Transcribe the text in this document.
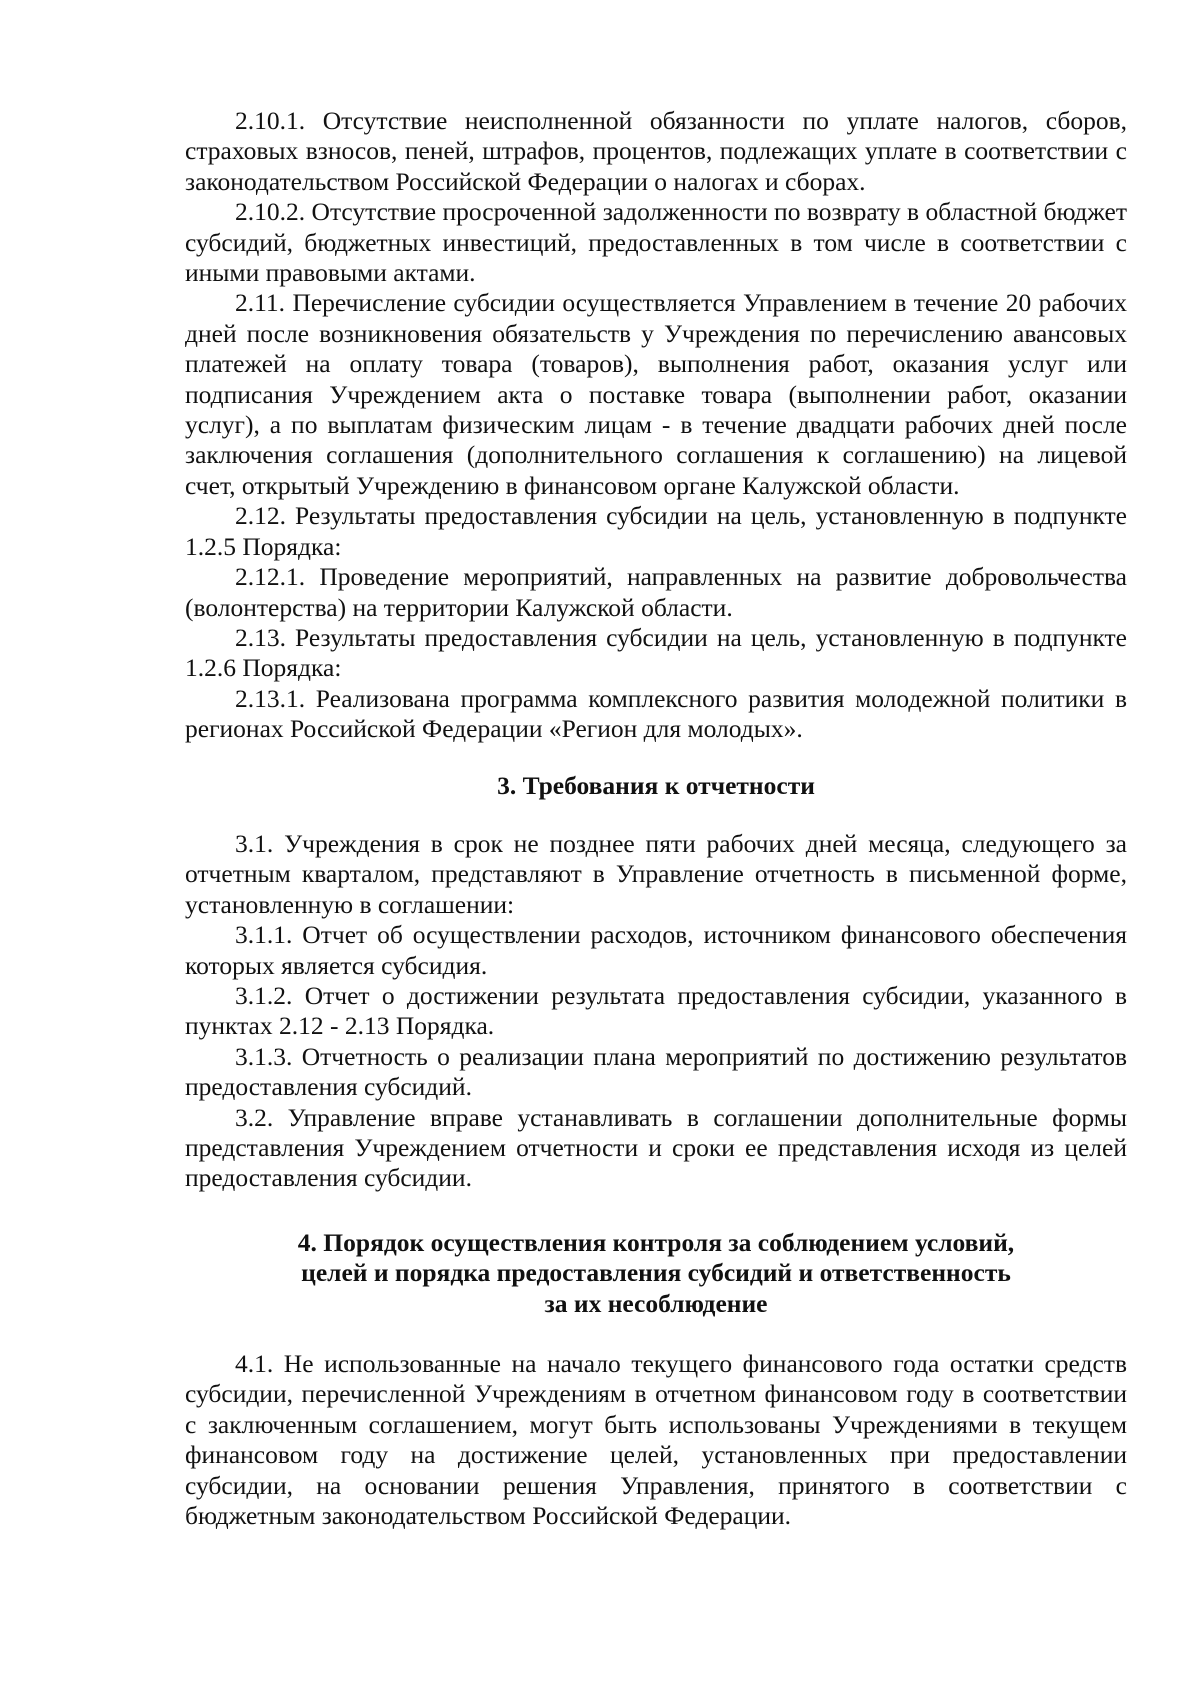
2.10.1. Отсутствие неисполненной обязанности по уплате налогов, сборов, страховых взносов, пеней, штрафов, процентов, подлежащих уплате в соответствии с законодательством Российской Федерации о налогах и сборах.

2.10.2. Отсутствие просроченной задолженности по возврату в областной бюджет субсидий, бюджетных инвестиций, предоставленных в том числе в соответствии с иными правовыми актами.

2.11. Перечисление субсидии осуществляется Управлением в течение 20 рабочих дней после возникновения обязательств у Учреждения по перечислению авансовых платежей на оплату товара (товаров), выполнения работ, оказания услуг или подписания Учреждением акта о поставке товара (выполнении работ, оказании услуг), а по выплатам физическим лицам - в течение двадцати рабочих дней после заключения соглашения (дополнительного соглашения к соглашению) на лицевой счет, открытый Учреждению в финансовом органе Калужской области.

2.12. Результаты предоставления субсидии на цель, установленную в подпункте 1.2.5 Порядка:

2.12.1. Проведение мероприятий, направленных на развитие добровольчества (волонтерства) на территории Калужской области.

2.13. Результаты предоставления субсидии на цель, установленную в подпункте 1.2.6 Порядка:

2.13.1. Реализована программа комплексного развития молодежной политики в регионах Российской Федерации «Регион для молодых».

3. Требования к отчетности

3.1. Учреждения в срок не позднее пяти рабочих дней месяца, следующего за отчетным кварталом, представляют в Управление отчетность в письменной форме, установленную в соглашении:

3.1.1. Отчет об осуществлении расходов, источником финансового обеспечения которых является субсидия.

3.1.2. Отчет о достижении результата предоставления субсидии, указанного в пунктах 2.12 - 2.13 Порядка.

3.1.3. Отчетность о реализации плана мероприятий по достижению результатов предоставления субсидий.

3.2. Управление вправе устанавливать в соглашении дополнительные формы представления Учреждением отчетности и сроки ее представления исходя из целей предоставления субсидии.

4. Порядок осуществления контроля за соблюдением условий,
целей и порядка предоставления субсидий и ответственность
за их несоблюдение

4.1. Не использованные на начало текущего финансового года остатки средств субсидии, перечисленной Учреждениям в отчетном финансовом году в соответствии с заключенным соглашением, могут быть использованы Учреждениями в текущем финансовом году на достижение целей, установленных при предоставлении субсидии, на основании решения Управления, принятого в соответствии с бюджетным законодательством Российской Федерации.
